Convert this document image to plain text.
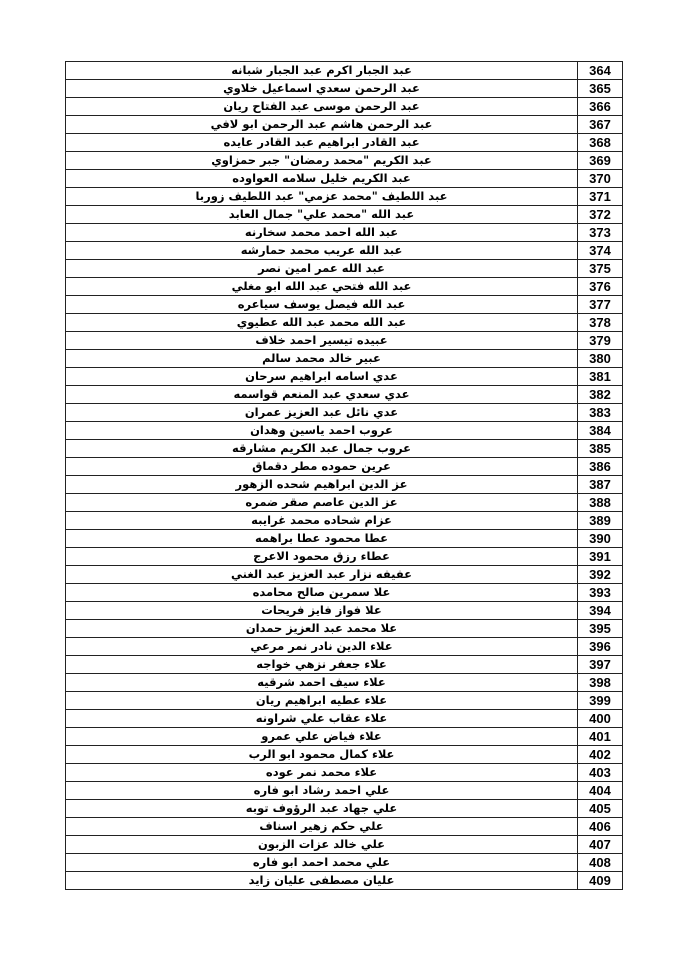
عبد الجبار اكرم عبد الجبار شبانه	364
عبد الرحمن سعدي اسماعيل خلاوي	365
عبد الرحمن موسى عبد الفتاح ريان	366
عبد الرحمن هاشم عبد الرحمن ابو لافي	367
عبد القادر ابراهيم عبد القادر عايده	368
عبد الكريم "محمد رمضان" جبر حمزاوي	369
عبد الكريم خليل سلامه العواوده	370
عبد اللطيف "محمد عزمي" عبد اللطيف زوربا	371
عبد الله "محمد علي" جمال العابد	372
عبد الله احمد محمد سخارنه	373
عبد الله عريب محمد حمارشه	374
عبد الله عمر امين نصر	375
عبد الله فتحي عبد الله ابو مغلي	376
عبد الله فيصل يوسف سياعره	377
عبد الله محمد عبد الله عطيوي	378
عبيده تيسير احمد خلاف	379
عبير خالد محمد سالم	380
عدي اسامه ابراهيم سرحان	381
عدي سعدي عبد المنعم قواسمه	382
عدي نائل عبد العزيز عمران	383
عروب احمد ياسين وهدان	384
عروب جمال عبد الكريم مشارقه	385
عرين حموده مطر دقماق	386
عز الدين ابراهيم شحده الزهور	387
عز الدين عاصم صقر ضمره	388
عزام شحاده محمد غرايبه	389
عطا محمود عطا براهمه	390
عطاء رزق محمود الاعرج	391
عفيفه نزار عبد العزيز عبد الغني	392
علا سمرين صالح محامده	393
علا فواز فايز فريحات	394
علا محمد عبد العزيز حمدان	395
علاء الدين نادر نمر مرعي	396
علاء جعفر نزهي خواجه	397
علاء سيف احمد شرقيه	398
علاء عطيه ابراهيم ريان	399
علاء عقاب علي شراونه	400
علاء فياض علي عمرو	401
علاء كمال محمود ابو الرب	402
علاء محمد نمر عوده	403
علي احمد رشاد ابو فاره	404
علي جهاد عبد الرؤوف توبه	405
علي حكم زهير اسناف	406
علي خالد عزات الزبون	407
علي محمد احمد ابو فاره	408
عليان مصطفى عليان زايد	409
